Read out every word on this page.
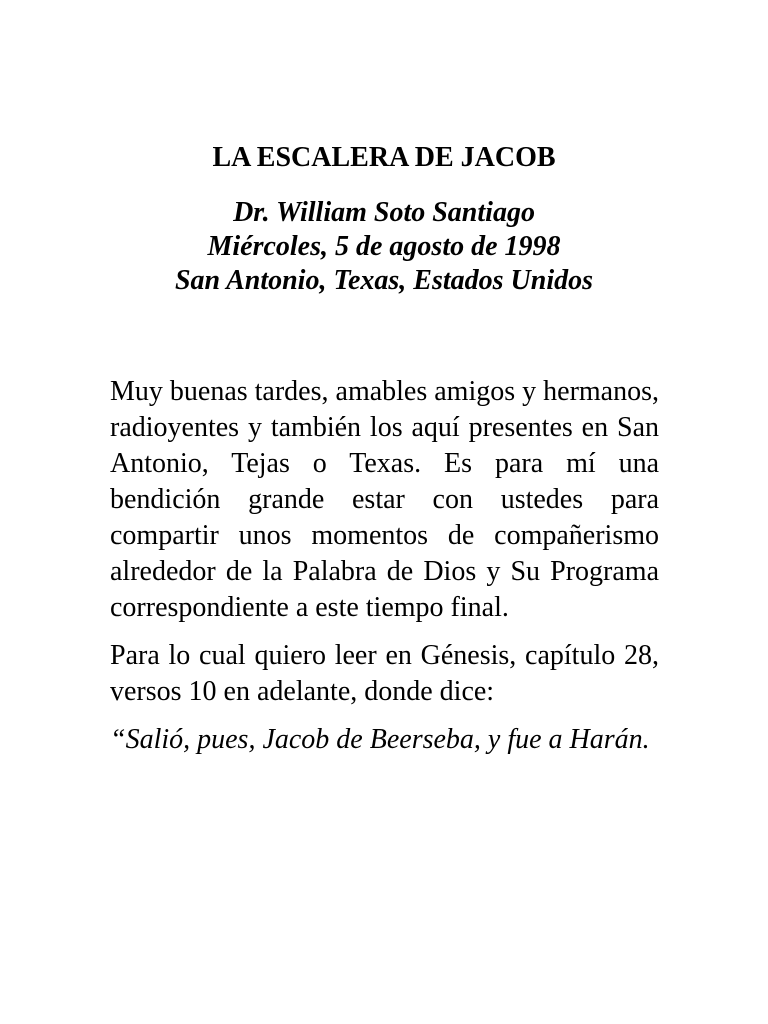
LA ESCALERA DE JACOB
Dr. William Soto Santiago
Miércoles, 5 de agosto de 1998
San Antonio, Texas, Estados Unidos

Muy buenas tardes, amables amigos y hermanos, radioyentes y también los aquí presentes en San Antonio, Tejas o Texas. Es para mí una bendición grande estar con ustedes para compartir unos momentos de compañerismo alrededor de la Palabra de Dios y Su Programa correspondiente a este tiempo final.

Para lo cual quiero leer en Génesis, capítulo 28, versos 10 en adelante, donde dice:

“Salió, pues, Jacob de Beerseba, y fue a Harán.
